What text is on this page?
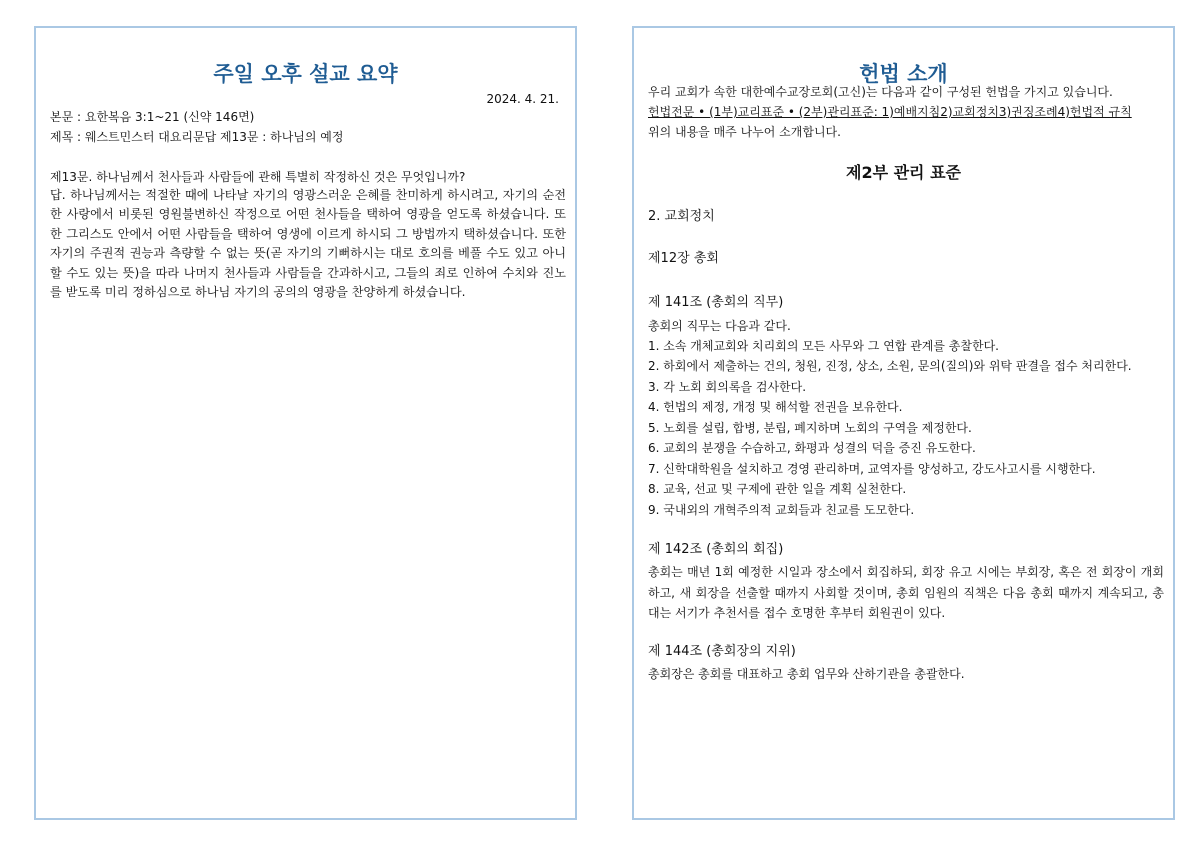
주일 오후 설교 요약
2024. 4. 21.

본문 : 요한복음 3:1~21 (신약 146면)

제목 : 웨스트민스터 대요리문답 제13문 : 하나님의 예정

제13문. 하나님께서 천사들과 사람들에 관해 특별히 작정하신 것은 무엇입니까?

답. 하나님께서는 적절한 때에 나타날 자기의 영광스러운 은혜를 찬미하게 하시려고, 자기의 순전한 사랑에서 비롯된 영원불변하신 작정으로 어떤 천사들을 택하여 영광을 얻도록 하셨습니다. 또한 그리스도 안에서 어떤 사람들을 택하여 영생에 이르게 하시되 그 방법까지 택하셨습니다. 또한 자기의 주권적 권능과 측량할 수 없는 뜻(곧 자기의 기뻐하시는 대로 호의를 베풀 수도 있고 아니 할 수도 있는 뜻)을 따라 나머지 천사들과 사람들을 간과하시고, 그들의 죄로 인하여 수치와 진노를 받도록 미리 정하심으로 하나님 자기의 공의의 영광을 찬양하게 하셨습니다.

헌법 소개

우리 교회가 속한 대한예수교장로회(고신)는 다음과 같이 구성된 헌법을 가지고 있습니다.

헌법전문 • (1부)교리표준 • (2부)관리표준: 1)예배지침2)교회정치3)권징조례4)헌법적 규칙

위의 내용을 매주 나누어 소개합니다.

제2부 관리 표준

2. 교회정치

제12장 총회

제 141조 (총회의 직무)

총회의 직무는 다음과 같다.

1. 소속 개체교회와 치리회의 모든 사무와 그 연합 관계를 총찰한다.

2. 하회에서 제출하는 건의, 청원, 진정, 상소, 소원, 문의(질의)와 위탁 판결을 접수 처리한다.

3. 각 노회 회의록을 검사한다.

4. 헌법의 제정, 개정 및 해석할 전권을 보유한다.

5. 노회를 설립, 합병, 분립, 폐지하며 노회의 구역을 제정한다.

6. 교회의 분쟁을 수습하고, 화평과 성결의 덕을 증진 유도한다.

7. 신학대학원을 설치하고 경영 관리하며, 교역자를 양성하고, 강도사고시를 시행한다.

8. 교육, 선교 및 구제에 관한 일을 계획 실천한다.

9. 국내외의 개혁주의적 교회들과 친교를 도모한다.

제 142조 (총회의 회집)

총회는 매년 1회 예정한 시일과 장소에서 회집하되, 회장 유고 시에는 부회장, 혹은 전 회장이 개회하고, 새 회장을 선출할 때까지 사회할 것이며, 총회 임원의 직책은 다음 총회 때까지 계속되고, 총대는 서기가 추천서를 접수 호명한 후부터 회원권이 있다.

제 144조 (총회장의 지위)

총회장은 총회를 대표하고 총회 업무와 산하기관을 총괄한다.
